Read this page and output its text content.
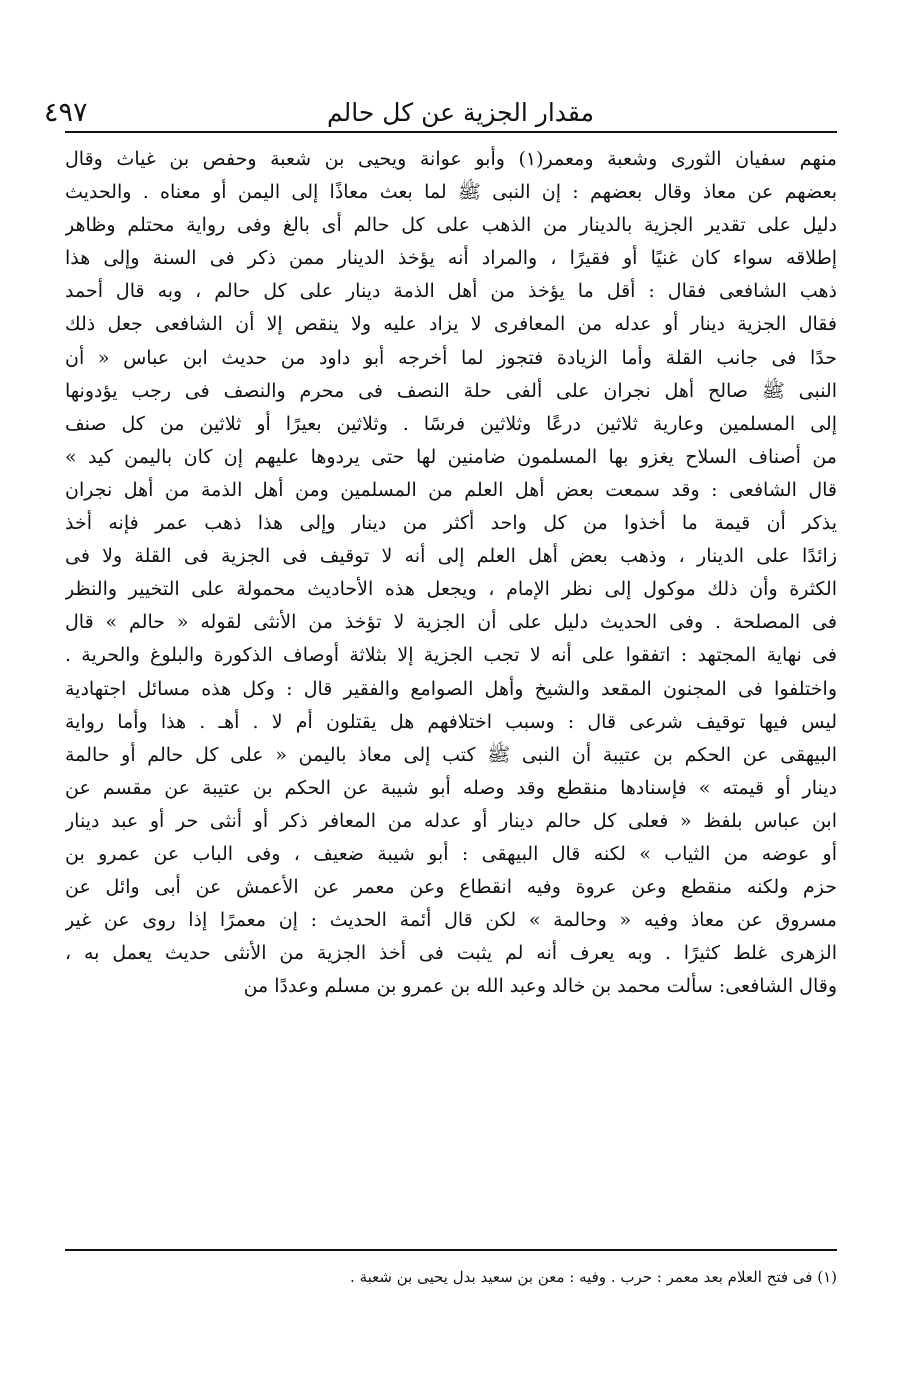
مقدار الجزية عن كل حالم
٤٩٧
منهم سفيان الثورى وشعبة ومعمر(١) وأبو عوانة ويحيى بن شعبة وحفص بن غياث وقال
بعضهم عن معاذ وقال بعضهم : إن النبى ﷺ لما بعث معاذًا إلى اليمن أو معناه . والحديث
دليل على تقدير الجزية بالدينار من الذهب على كل حالم أى بالغ وفى رواية محتلم وظاهر
إطلاقه سواء كان غنيًا أو فقيرًا ، والمراد أنه يؤخذ الدينار ممن ذكر فى السنة وإلى هذا
ذهب الشافعى فقال : أقل ما يؤخذ من أهل الذمة دينار على كل حالم ، وبه قال أحمد
فقال الجزية دينار أو عدله من المعافرى لا يزاد عليه ولا ينقص إلا أن الشافعى جعل ذلك
حدًا فى جانب القلة وأما الزيادة فتجوز لما أخرجه أبو داود من حديث ابن عباس « أن
النبى ﷺ صالح أهل نجران على ألفى حلة النصف فى محرم والنصف فى رجب يؤدونها
إلى المسلمين وعارية ثلاثين درعًا وثلاثين فرسًا . وثلاثين بعيرًا أو ثلاثين من كل صنف
من أصناف السلاح يغزو بها المسلمون ضامنين لها حتى يردوها عليهم إن كان باليمن كيد »
قال الشافعى : وقد سمعت بعض أهل العلم من المسلمين ومن أهل الذمة من أهل نجران
يذكر أن قيمة ما أخذوا من كل واحد أكثر من دينار وإلى هذا ذهب عمر فإنه أخذ
زائدًا على الدينار ، وذهب بعض أهل العلم إلى أنه لا توقيف فى الجزية فى القلة ولا فى
الكثرة وأن ذلك موكول إلى نظر الإمام ، ويجعل هذه الأحاديث محمولة على التخيير والنظر
فى المصلحة . وفى الحديث دليل على أن الجزية لا تؤخذ من الأنثى لقوله « حالم » قال
فى نهاية المجتهد : اتفقوا على أنه لا تجب الجزية إلا بثلاثة أوصاف الذكورة والبلوغ والحرية .
واختلفوا فى المجنون المقعد والشيخ وأهل الصوامع والفقير قال : وكل هذه مسائل اجتهادية
ليس فيها توقيف شرعى قال : وسبب اختلافهم هل يقتلون أم لا . أهـ . هذا وأما رواية
البيهقى عن الحكم بن عتيبة أن النبى ﷺ كتب إلى معاذ باليمن « على كل حالم أو حالمة
دينار أو قيمته » فإسنادها منقطع وقد وصله أبو شيبة عن الحكم بن عتيبة عن مقسم عن
ابن عباس بلفظ « فعلى كل حالم دينار أو عدله من المعافر ذكر أو أنثى حر أو عبد دينار
أو عوضه من الثياب » لكنه قال البيهقى : أبو شيبة ضعيف ، وفى الباب عن عمرو بن
حزم ولكنه منقطع وعن عروة وفيه انقطاع وعن معمر عن الأعمش عن أبى وائل عن
مسروق عن معاذ وفيه « وحالمة » لكن قال أئمة الحديث : إن معمرًا إذا روى عن غير
الزهرى غلط كثيرًا . وبه يعرف أنه لم يثبت فى أخذ الجزية من الأنثى حديث يعمل به ،
وقال الشافعى: سألت محمد بن خالد وعبد الله بن عمرو بن مسلم وعددًا من
(١) فى فتح العلام بعد معمر : حرب . وفيه : معن بن سعيد بدل يحيى بن شعبة .
